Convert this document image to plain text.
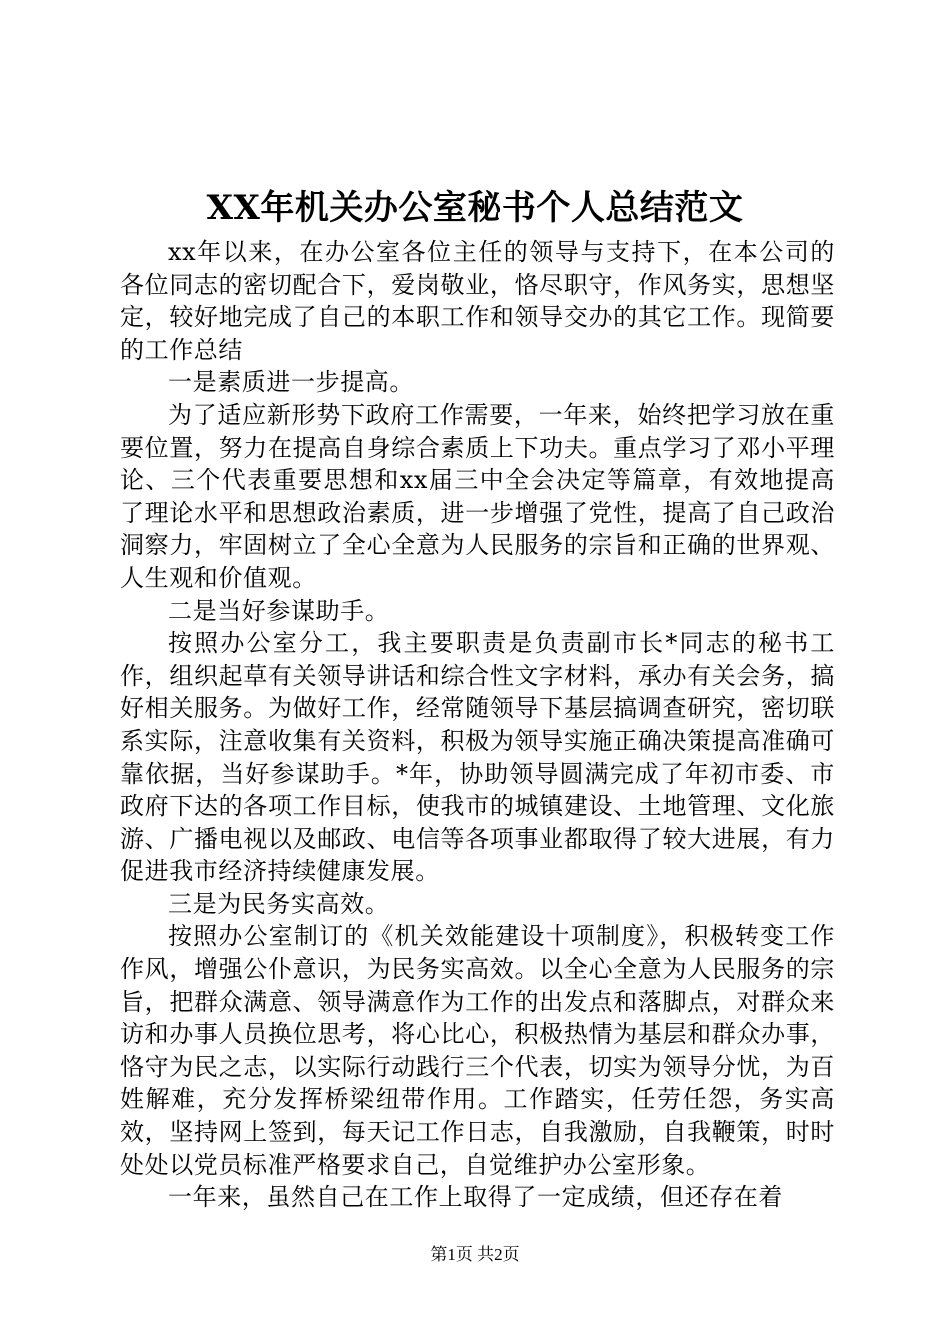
XX年机关办公室秘书个人总结范文

xx年以来，在办公室各位主任的领导与支持下，在本公司的各位同志的密切配合下，爱岗敬业，恪尽职守，作风务实，思想坚定，较好地完成了自己的本职工作和领导交办的其它工作。现简要的工作总结

一是素质进一步提高。

为了适应新形势下政府工作需要，一年来，始终把学习放在重要位置，努力在提高自身综合素质上下功夫。重点学习了邓小平理论、三个代表重要思想和xx届三中全会决定等篇章，有效地提高了理论水平和思想政治素质，进一步增强了党性，提高了自己政治洞察力，牢固树立了全心全意为人民服务的宗旨和正确的世界观、人生观和价值观。

二是当好参谋助手。

按照办公室分工，我主要职责是负责副市长*同志的秘书工作，组织起草有关领导讲话和综合性文字材料，承办有关会务，搞好相关服务。为做好工作，经常随领导下基层搞调查研究，密切联系实际，注意收集有关资料，积极为领导实施正确决策提高准确可靠依据，当好参谋助手。*年，协助领导圆满完成了年初市委、市政府下达的各项工作目标，使我市的城镇建设、土地管理、文化旅游、广播电视以及邮政、电信等各项事业都取得了较大进展，有力促进我市经济持续健康发展。

三是为民务实高效。

按照办公室制订的《机关效能建设十项制度》，积极转变工作作风，增强公仆意识，为民务实高效。以全心全意为人民服务的宗旨，把群众满意、领导满意作为工作的出发点和落脚点，对群众来访和办事人员换位思考，将心比心，积极热情为基层和群众办事，恪守为民之志，以实际行动践行三个代表，切实为领导分忧，为百姓解难，充分发挥桥梁纽带作用。工作踏实，任劳任怨，务实高效，坚持网上签到，每天记工作日志，自我激励，自我鞭策，时时处处以党员标准严格要求自己，自觉维护办公室形象。

一年来，虽然自己在工作上取得了一定成绩，但还存在着

第1页 共2页
